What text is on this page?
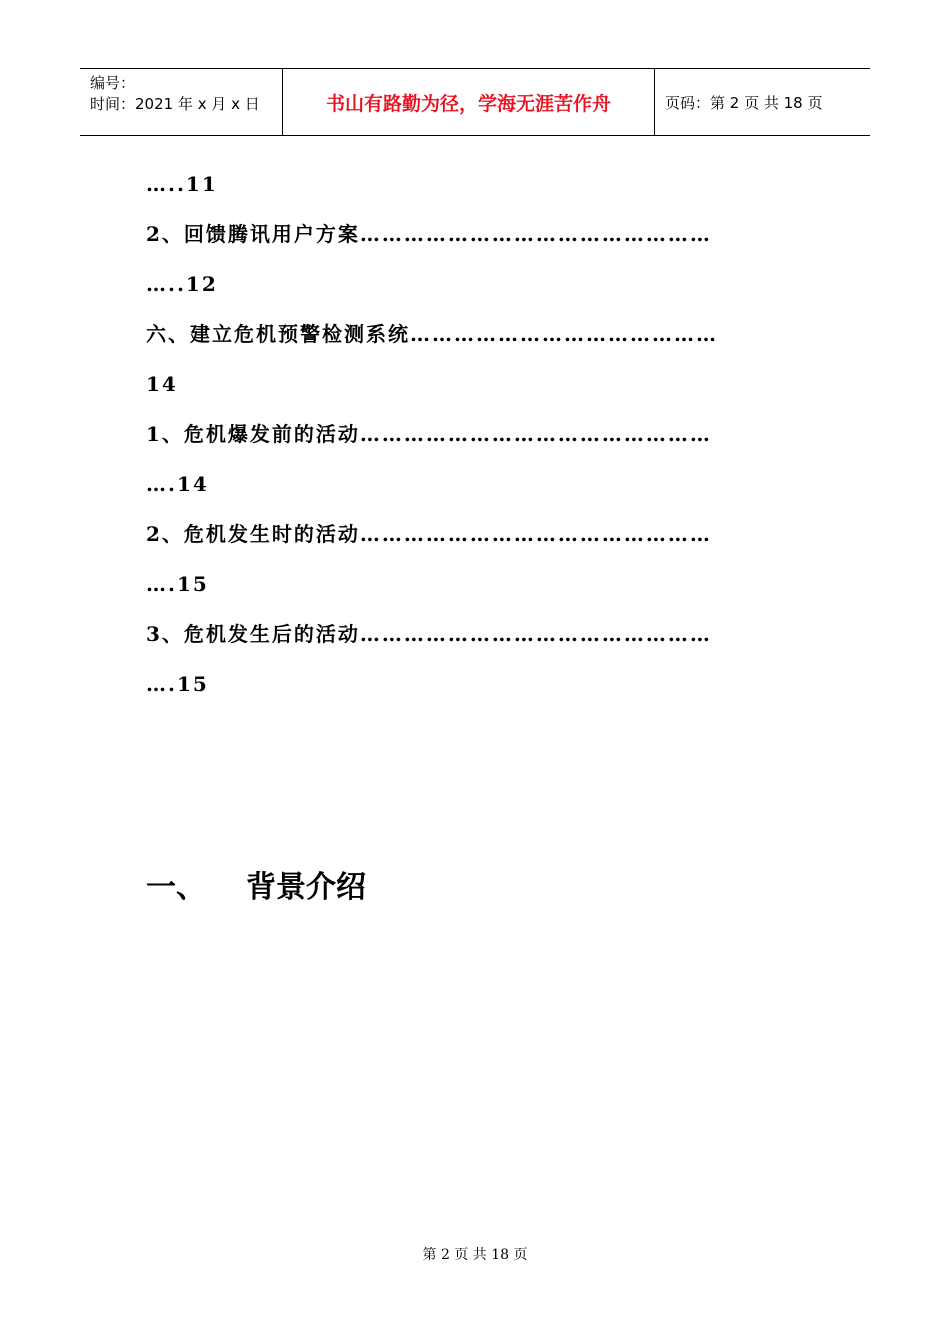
编号：
时间：2021 年 x 月 x 日	书山有路勤为径，学海无涯苦作舟	页码：第 2 页 共 18 页
…..11
2、回馈腾讯用户方案…………………………………………
…..12
六、建立危机预警检测系统……………………………………
14
1、危机爆发前的活动…………………………………………
….14
2、危机发生时的活动…………………………………………
….15
3、危机发生后的活动…………………………………………
….15
一、	背景介绍
第 2 页 共 18 页
